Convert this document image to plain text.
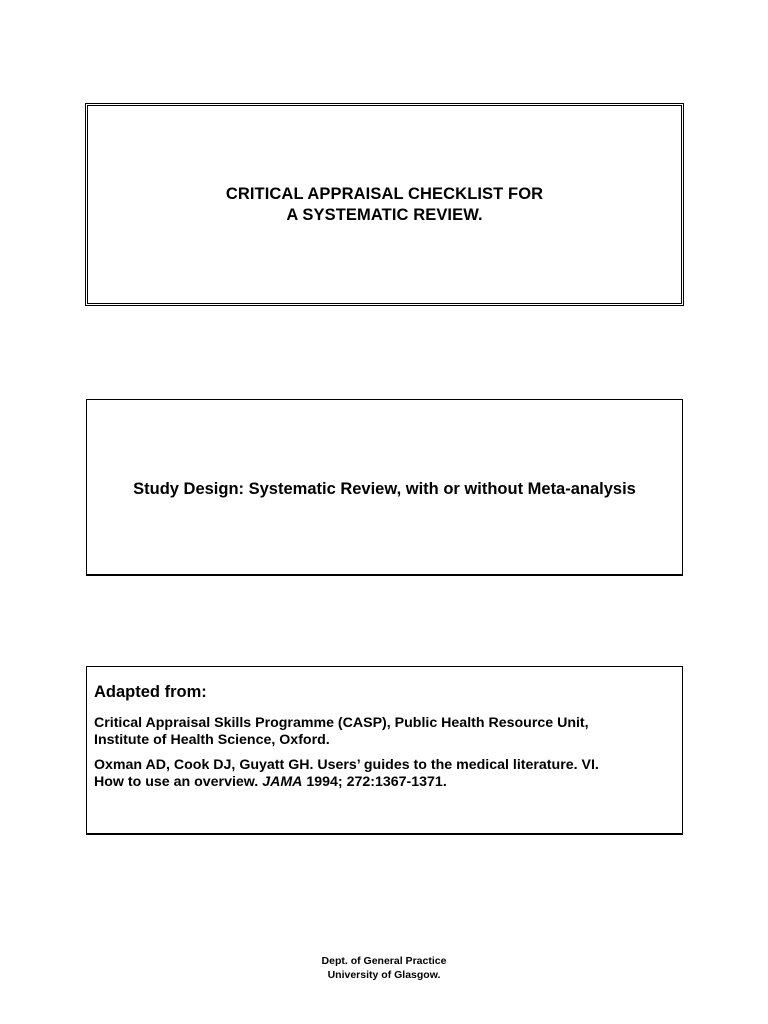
CRITICAL APPRAISAL CHECKLIST FOR
A SYSTEMATIC REVIEW.
Study Design: Systematic Review, with or without Meta-analysis
Adapted from:
Critical Appraisal Skills Programme (CASP), Public Health Resource Unit,
Institute of Health Science, Oxford.
Oxman AD, Cook DJ, Guyatt GH. Users’ guides to the medical literature. VI.
How to use an overview. JAMA 1994; 272:1367-1371.
Dept. of General Practice
University of Glasgow.
